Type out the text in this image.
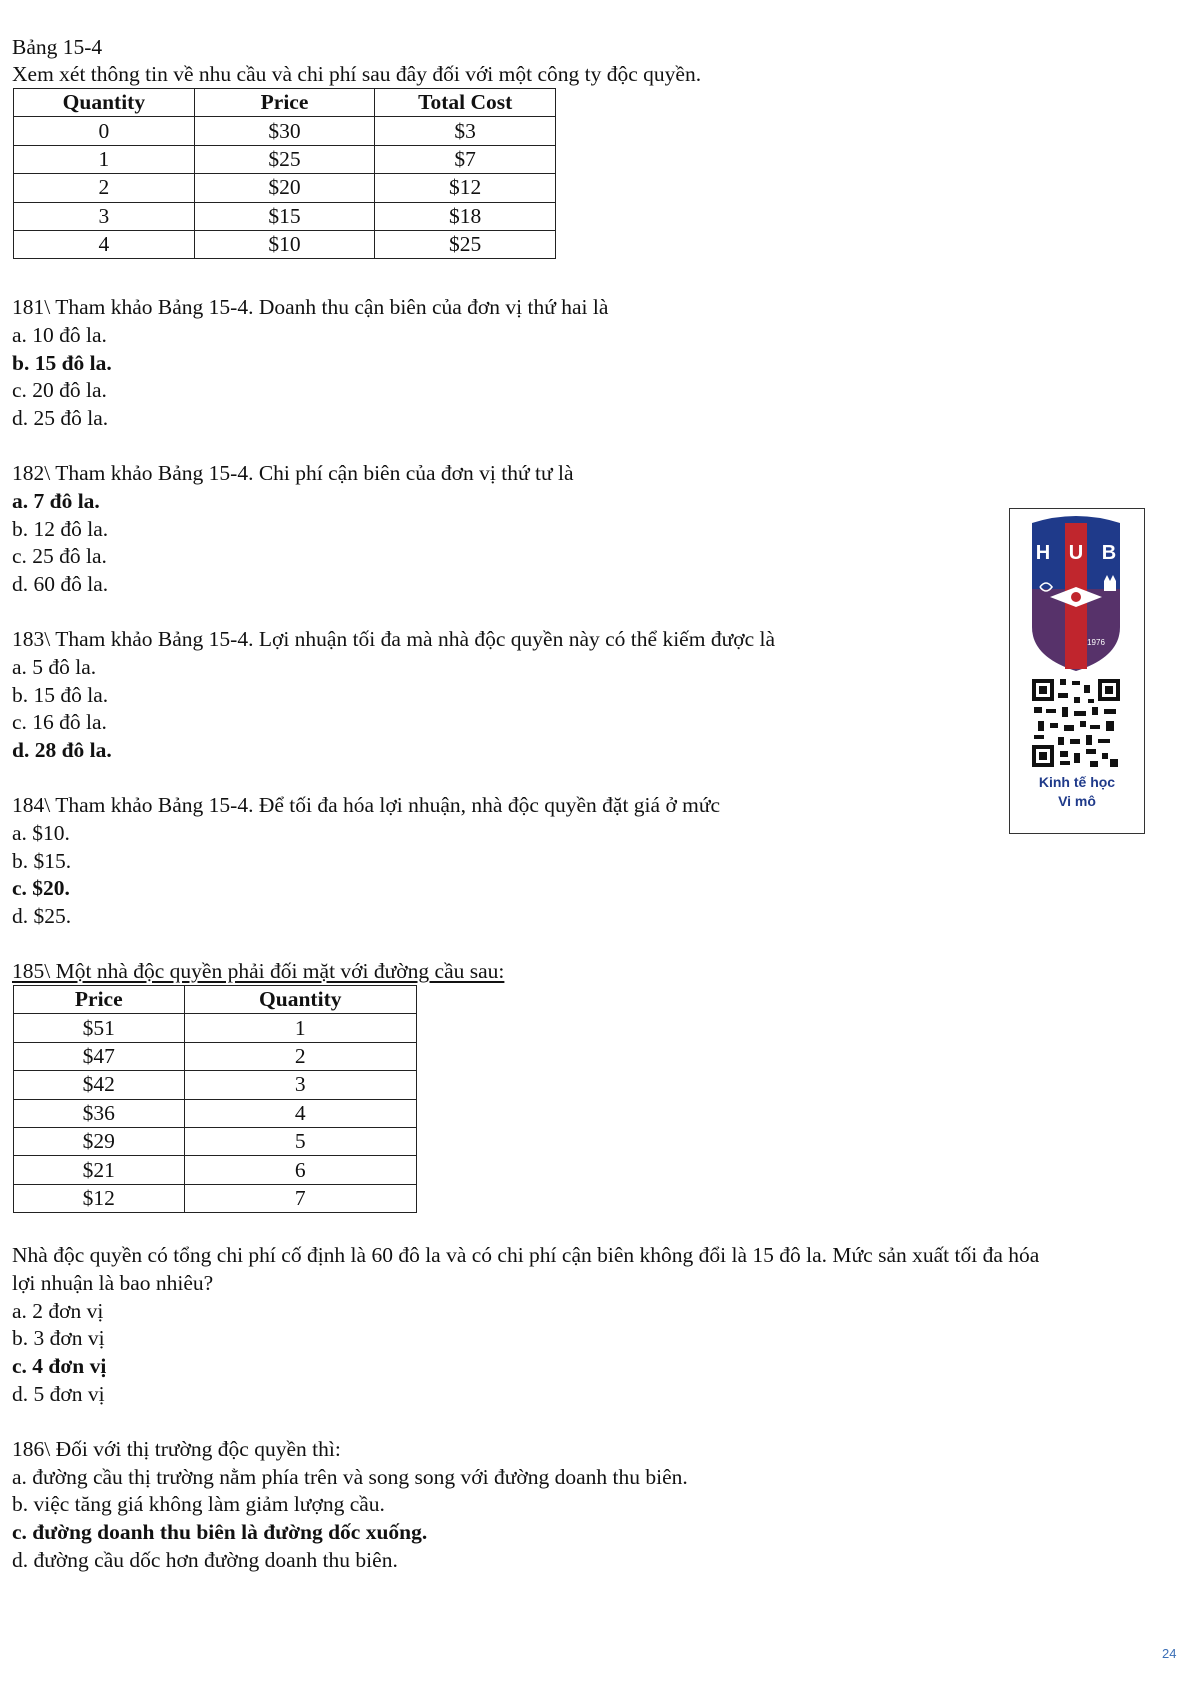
Bảng 15-4
Xem xét thông tin về nhu cầu và chi phí sau đây đối với một công ty độc quyền.
Quantity	Price	Total Cost
0	$30	$3
1	$25	$7
2	$20	$12
3	$15	$18
4	$10	$25
181\ Tham khảo Bảng 15-4. Doanh thu cận biên của đơn vị thứ hai là
a. 10 đô la.
b. 15 đô la.
c. 20 đô la.
d. 25 đô la.
182\ Tham khảo Bảng 15-4. Chi phí cận biên của đơn vị thứ tư là
a. 7 đô la.
b. 12 đô la.
c. 25 đô la.
d. 60 đô la.
183\ Tham khảo Bảng 15-4. Lợi nhuận tối đa mà nhà độc quyền này có thể kiếm được là
a. 5 đô la.
b. 15 đô la.
c. 16 đô la.
d. 28 đô la.
184\ Tham khảo Bảng 15-4. Để tối đa hóa lợi nhuận, nhà độc quyền đặt giá ở mức
a. $10.
b. $15.
c. $20.
d. $25.
185\ Một nhà độc quyền phải đối mặt với đường cầu sau:
Price	Quantity
$51	1
$47	2
$42	3
$36	4
$29	5
$21	6
$12	7
Nhà độc quyền có tổng chi phí cố định là 60 đô la và có chi phí cận biên không đổi là 15 đô la. Mức sản xuất tối đa hóa
lợi nhuận là bao nhiêu?
a. 2 đơn vị
b. 3 đơn vị
c. 4 đơn vị
d. 5 đơn vị
186\ Đối với thị trường độc quyền thì:
a. đường cầu thị trường nằm phía trên và song song với đường doanh thu biên.
b. việc tăng giá không làm giảm lượng cầu.
c. đường doanh thu biên là đường dốc xuống.
d. đường cầu dốc hơn đường doanh thu biên.
H U B
1976
Kinh tế học
Vi mô
24
